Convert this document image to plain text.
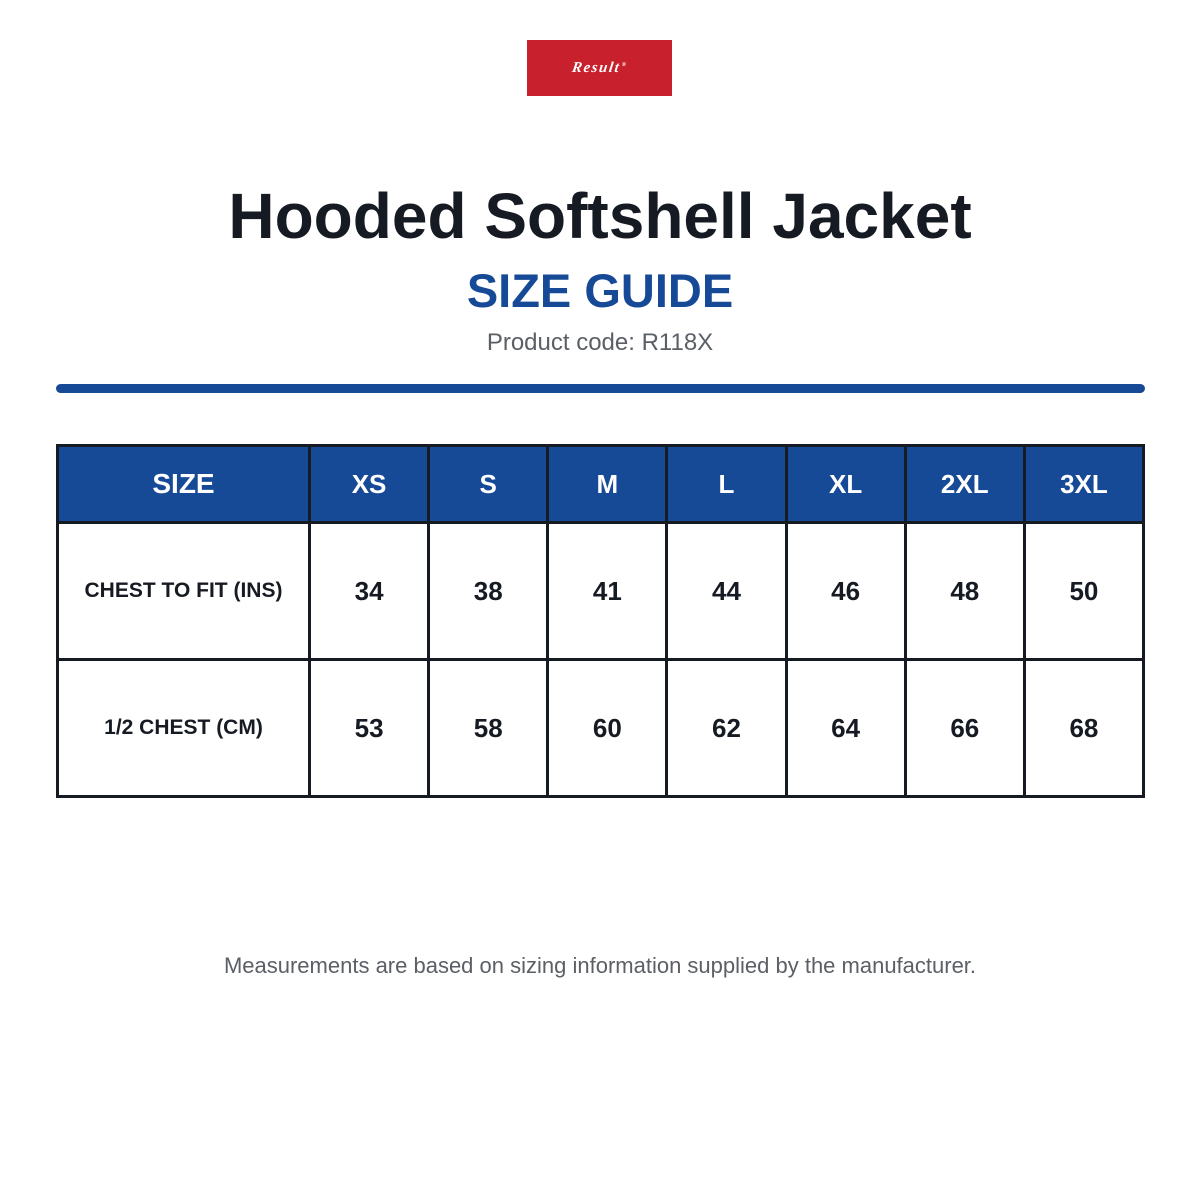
Result®
Hooded Softshell Jacket
SIZE GUIDE
Product code: R118X
SIZE	XS	S	M	L	XL	2XL	3XL
CHEST TO FIT (INS)	34	38	41	44	46	48	50
1/2 CHEST (CM)	53	58	60	62	64	66	68
Measurements are based on sizing information supplied by the manufacturer.
